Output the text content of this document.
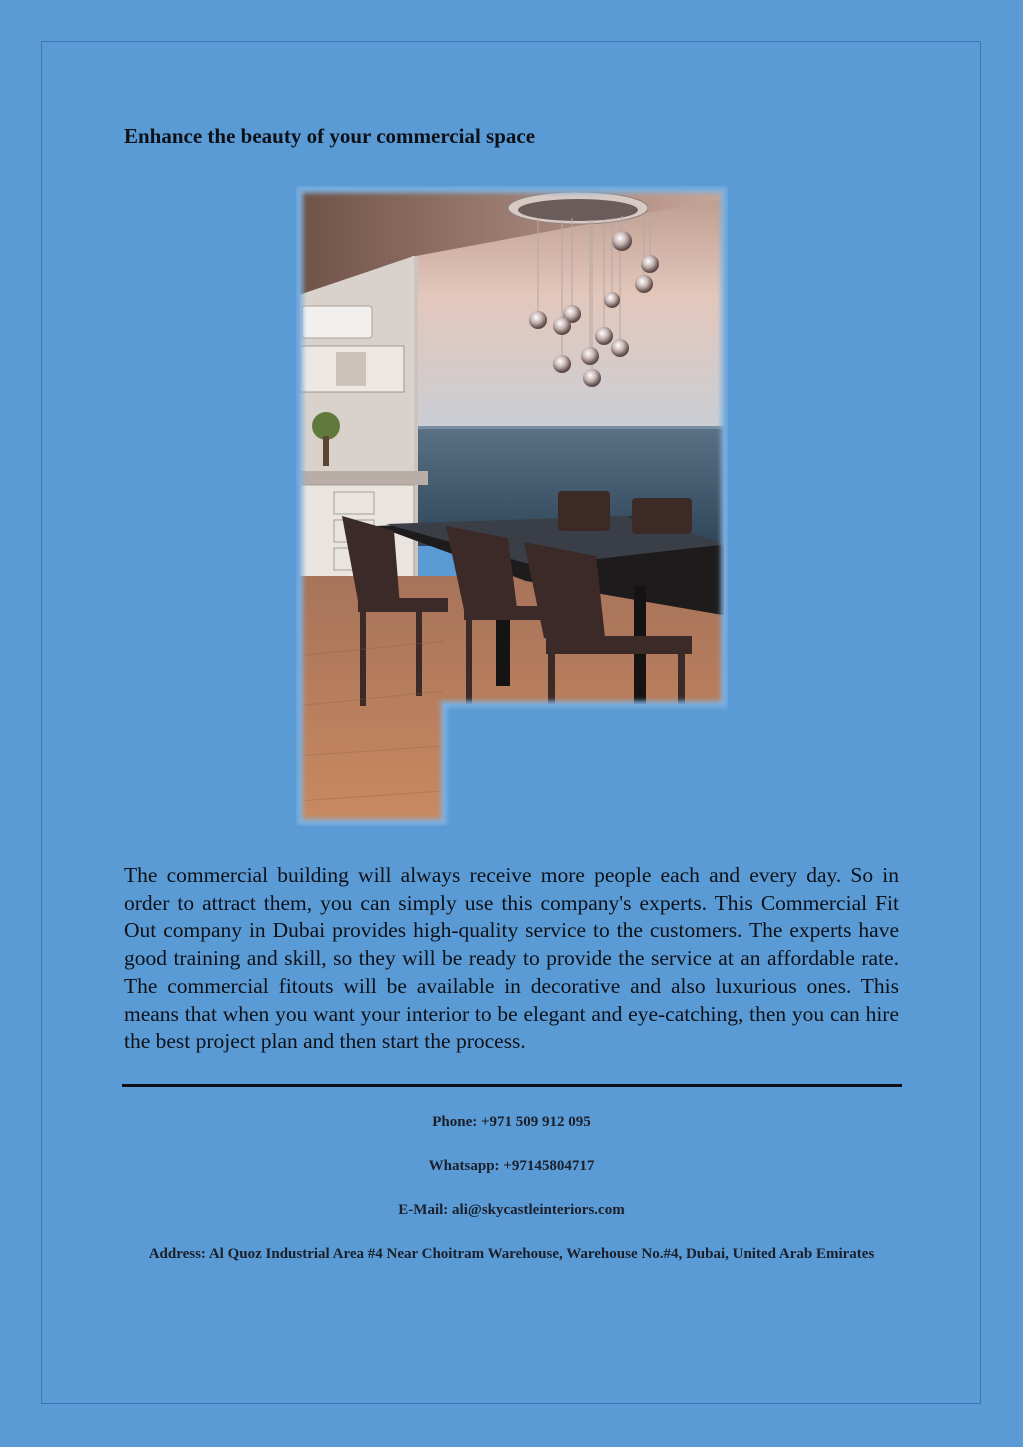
Enhance the beauty of your commercial space

The commercial building will always receive more people each and every day. So in order to attract them, you can simply use this company's experts. This Commercial Fit Out company in Dubai provides high-quality service to the customers. The experts have good training and skill, so they will be ready to provide the service at an affordable rate. The commercial fitouts will be available in decorative and also luxurious ones. This means that when you want your interior to be elegant and eye-catching, then you can hire the best project plan and then start the process.

Phone: +971 509 912 095

Whatsapp: +97145804717

E-Mail: ali@skycastleinteriors.com

Address: Al Quoz Industrial Area #4 Near Choitram Warehouse, Warehouse No.#4, Dubai, United Arab Emirates
